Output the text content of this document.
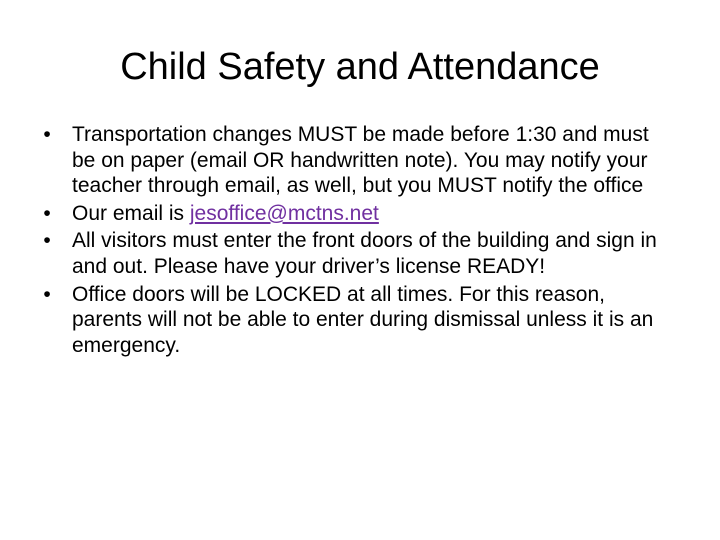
Child Safety and Attendance
• Transportation changes MUST be made before 1:30 and must be on paper (email OR handwritten note). You may notify your teacher through email, as well, but you MUST notify the office
• Our email is jesoffice@mctns.net
• All visitors must enter the front doors of the building and sign in and out. Please have your driver’s license READY!
• Office doors will be LOCKED at all times. For this reason, parents will not be able to enter during dismissal unless it is an emergency.
